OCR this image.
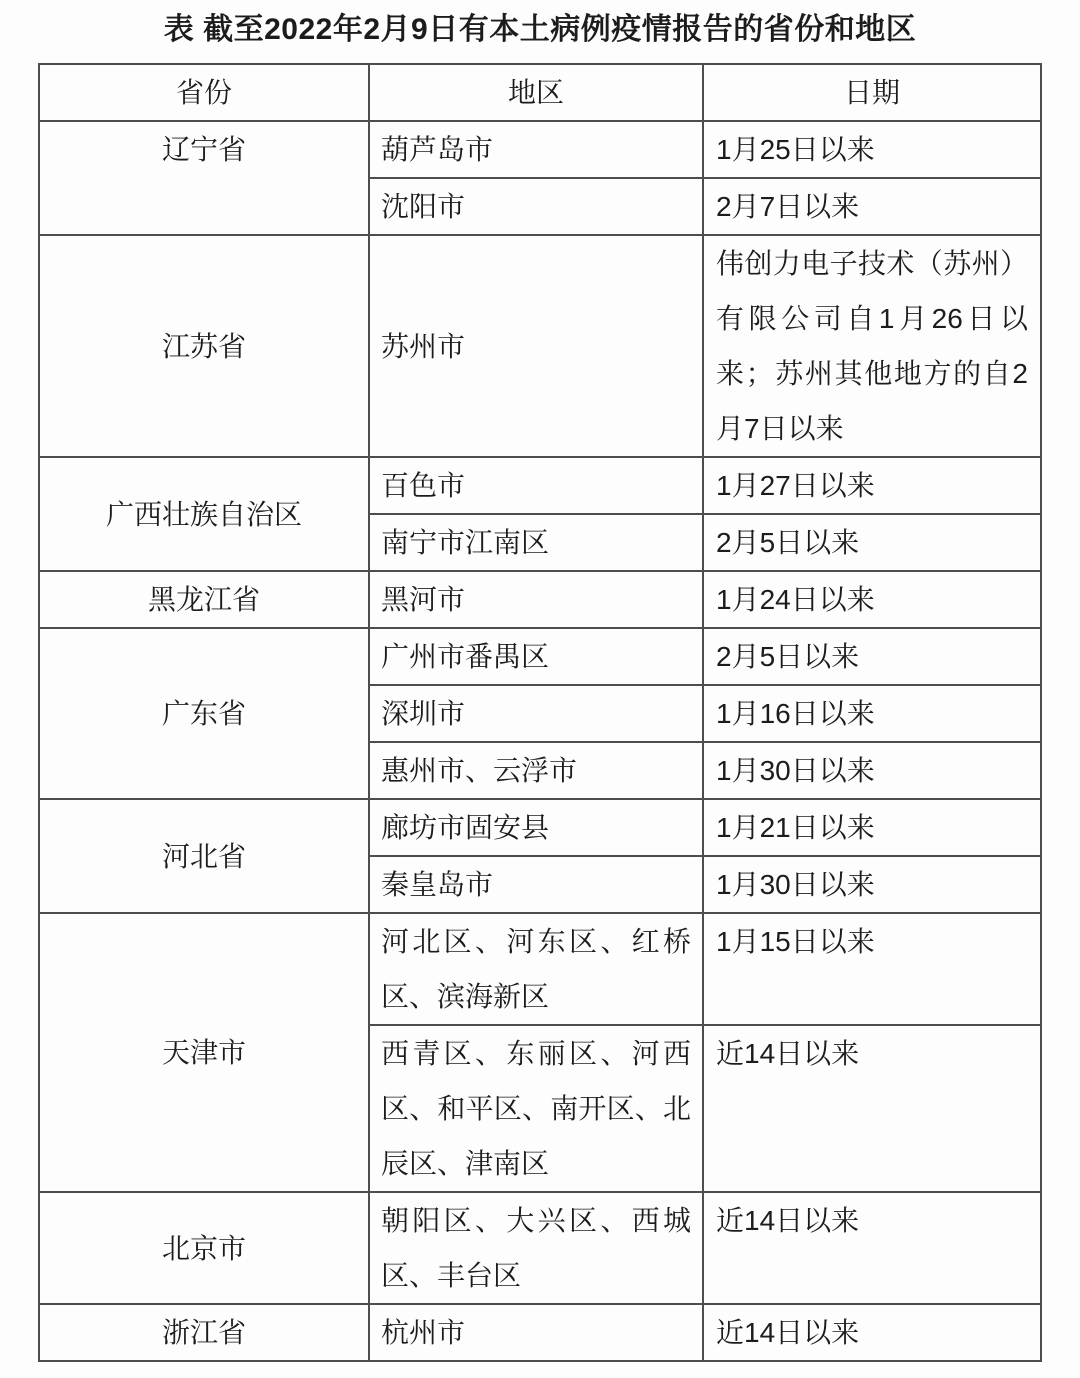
表 截至2022年2月9日有本土病例疫情报告的省份和地区
省份	地区	日期
辽宁省	葫芦岛市	1月25日以来
	沈阳市	2月7日以来
江苏省	苏州市	伟创力电子技术（苏州）有限公司自1月26日以来；苏州其他地方的自2月7日以来
广西壮族自治区	百色市	1月27日以来
	南宁市江南区	2月5日以来
黑龙江省	黑河市	1月24日以来
广东省	广州市番禺区	2月5日以来
	深圳市	1月16日以来
	惠州市、云浮市	1月30日以来
河北省	廊坊市固安县	1月21日以来
	秦皇岛市	1月30日以来
天津市	河北区、河东区、红桥区、滨海新区	1月15日以来
	西青区、东丽区、河西区、和平区、南开区、北辰区、津南区	近14日以来
北京市	朝阳区、大兴区、西城区、丰台区	近14日以来
浙江省	杭州市	近14日以来
